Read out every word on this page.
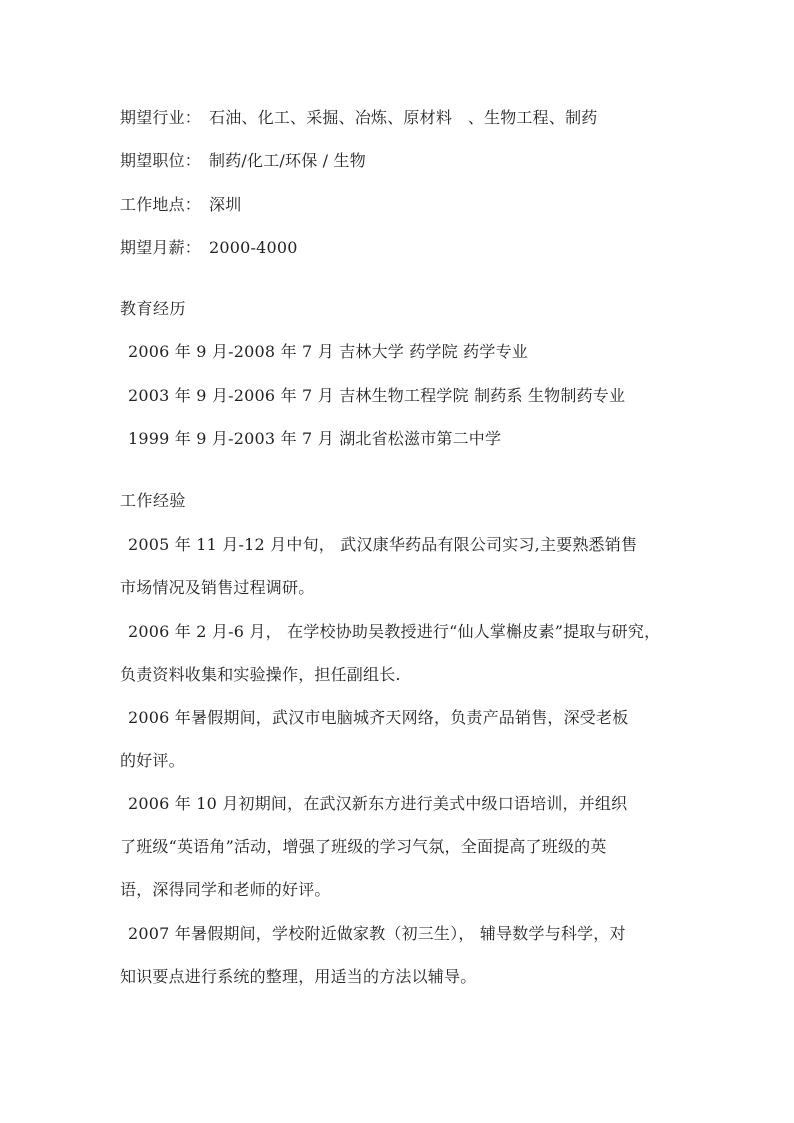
期望行业： 石油、化工、采掘、冶炼、原材料   、生物工程、制药
期望职位： 制药/化工/环保 / 生物
工作地点： 深圳
期望月薪： 2000-4000
教育经历
2006 年 9 月-2008 年 7 月 吉林大学 药学院 药学专业
2003 年 9 月-2006 年 7 月 吉林生物工程学院 制药系 生物制药专业
1999 年 9 月-2003 年 7 月 湖北省松滋市第二中学
工作经验
2005 年 11 月-12 月中旬， 武汉康华药品有限公司实习,主要熟悉销售
市场情况及销售过程调研。
2006 年 2 月-6 月， 在学校协助吴教授进行“仙人掌槲皮素”提取与研究，
负责资料收集和实验操作，担任副组长.
2006 年暑假期间，武汉市电脑城齐天网络，负责产品销售，深受老板
的好评。
2006 年 10 月初期间，在武汉新东方进行美式中级口语培训，并组织
了班级“英语角”活动，增强了班级的学习气氛，全面提高了班级的英
语，深得同学和老师的好评。
2007 年暑假期间，学校附近做家教（初三生）， 辅导数学与科学，对
知识要点进行系统的整理，用适当的方法以辅导。
